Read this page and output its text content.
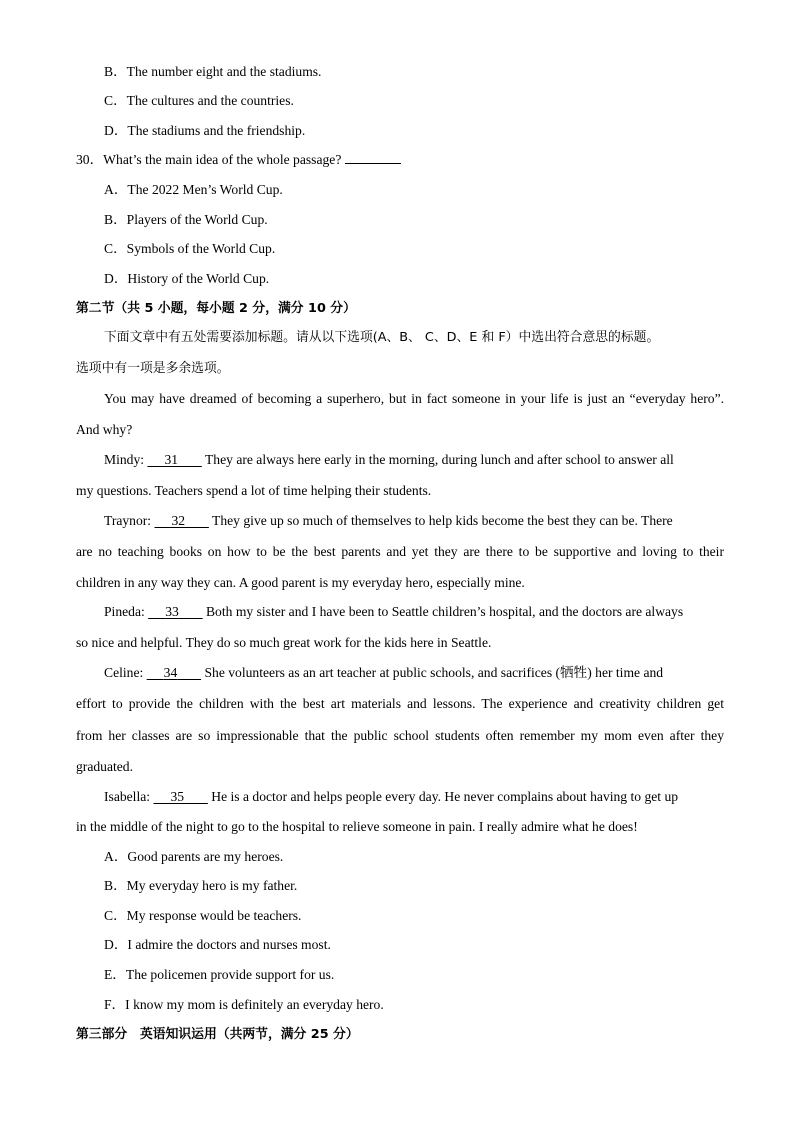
B．The number eight and the stadiums.
C．The cultures and the countries.
D．The stadiums and the friendship.
30．What’s the main idea of the whole passage?
A．The 2022 Men’s World Cup.
B．Players of the World Cup.
C．Symbols of the World Cup.
D．History of the World Cup.
第二节（共 5 小题，每小题 2 分，满分 10 分）
下面文章中有五处需要添加标题。请从以下选项(A、B、 C、D、E 和 F）中选出符合意思的标题。
选项中有一项是多余选项。
You may have dreamed of becoming a superhero, but in fact someone in your life is just an “everyday hero”.
And why?
Mindy: 31 They are always here early in the morning, during lunch and after school to answer all
my questions. Teachers spend a lot of time helping their students.
Traynor: 32 They give up so much of themselves to help kids become the best they can be. There
are no teaching books on how to be the best parents and yet they are there to be supportive and loving to their
children in any way they can. A good parent is my everyday hero, especially mine.
Pineda: 33 Both my sister and I have been to Seattle children’s hospital, and the doctors are always
so nice and helpful. They do so much great work for the kids here in Seattle.
Celine: 34 She volunteers as an art teacher at public schools, and sacrifices (牺牲) her time and
effort to provide the children with the best art materials and lessons. The experience and creativity children get
from her classes are so impressionable that the public school students often remember my mom even after they
graduated.
Isabella: 35 He is a doctor and helps people every day. He never complains about having to get up
in the middle of the night to go to the hospital to relieve someone in pain. I really admire what he does!
A．Good parents are my heroes.
B．My everyday hero is my father.
C．My response would be teachers.
D．I admire the doctors and nurses most.
E．The policemen provide support for us.
F．I know my mom is definitely an everyday hero.
第三部分　英语知识运用（共两节，满分 25 分）
